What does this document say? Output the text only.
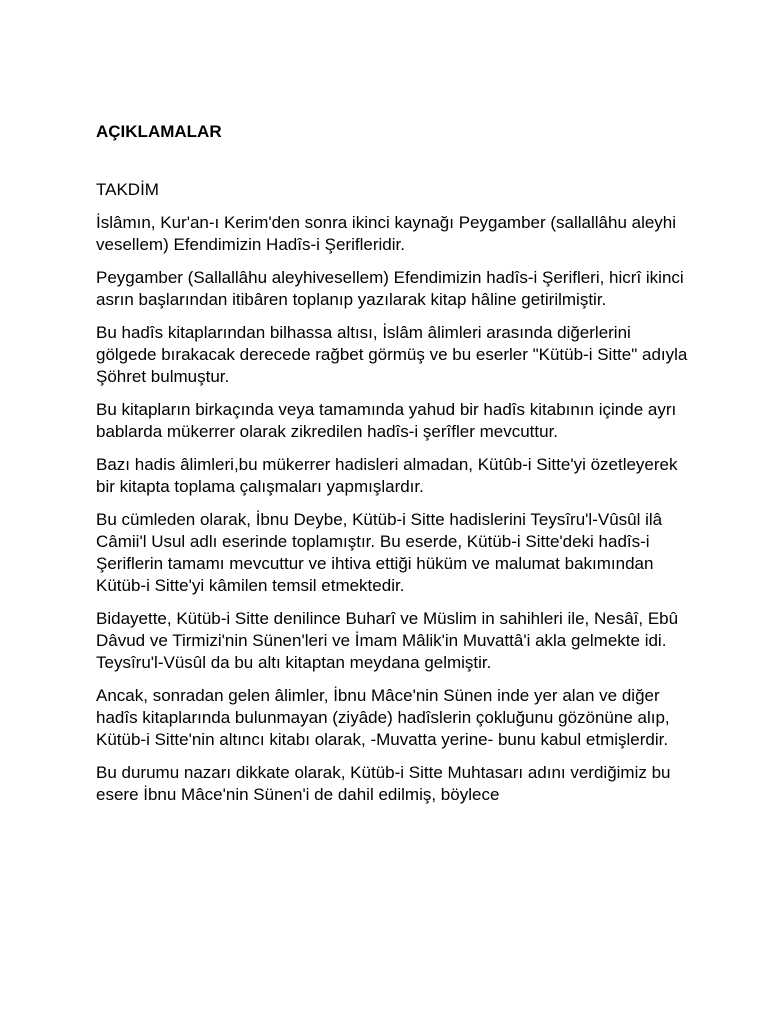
AÇIKLAMALAR

TAKDİM

İslâmın, Kur'an-ı Kerim'den sonra ikinci kaynağı Peygamber (sallallâhu aleyhi vesellem) Efendimizin Hadîs-i Şerifleridir.

Peygamber (Sallallâhu aleyhivesellem) Efendimizin hadîs-i Şerifleri, hicrî ikinci asrın başlarından itibâren toplanıp yazılarak kitap hâline getirilmiştir.

Bu hadîs kitaplarından bilhassa altısı, İslâm âlimleri arasında diğerlerini gölgede bırakacak derecede rağbet görmüş ve bu eserler "Kütüb-i Sitte" adıyla Şöhret bulmuştur.

Bu kitapların birkaçında veya tamamında yahud bir hadîs kitabının içinde ayrı bablarda mükerrer olarak zikredilen hadîs-i şerîfler mevcuttur.

Bazı hadis âlimleri,bu mükerrer hadisleri almadan, Kütûb-i Sitte'yi özetleyerek bir kitapta toplama çalışmaları yapmışlardır.

Bu cümleden olarak, İbnu Deybe, Kütüb-i Sitte hadislerini Teysîru'l-Vûsûl ilâ Câmii'l Usul adlı eserinde toplamıştır. Bu eserde, Kütüb-i Sitte'deki hadîs-i Şeriflerin tamamı mevcuttur ve ihtiva ettiği hüküm ve malumat bakımından Kütüb-i Sitte'yi kâmilen temsil etmektedir.

Bidayette, Kütüb-i Sitte denilince Buharî ve Müslim in sahihleri ile, Nesâî, Ebû Dâvud ve Tirmizi'nin Sünen'leri ve İmam Mâlik'in Muvattâ'i akla gelmekte idi. Teysîru'l-Vüsûl da bu altı kitaptan meydana gelmiştir.

Ancak, sonradan gelen âlimler, İbnu Mâce'nin Sünen inde yer alan ve diğer hadîs kitaplarında bulunmayan (ziyâde) hadîslerin çokluğunu gözönüne alıp, Kütüb-i Sitte'nin altıncı kitabı olarak, -Muvatta yerine- bunu kabul etmişlerdir.

Bu durumu nazarı dikkate olarak, Kütüb-i Sitte Muhtasarı adını verdiğimiz bu esere İbnu Mâce'nin Sünen'i de dahil edilmiş, böylece
